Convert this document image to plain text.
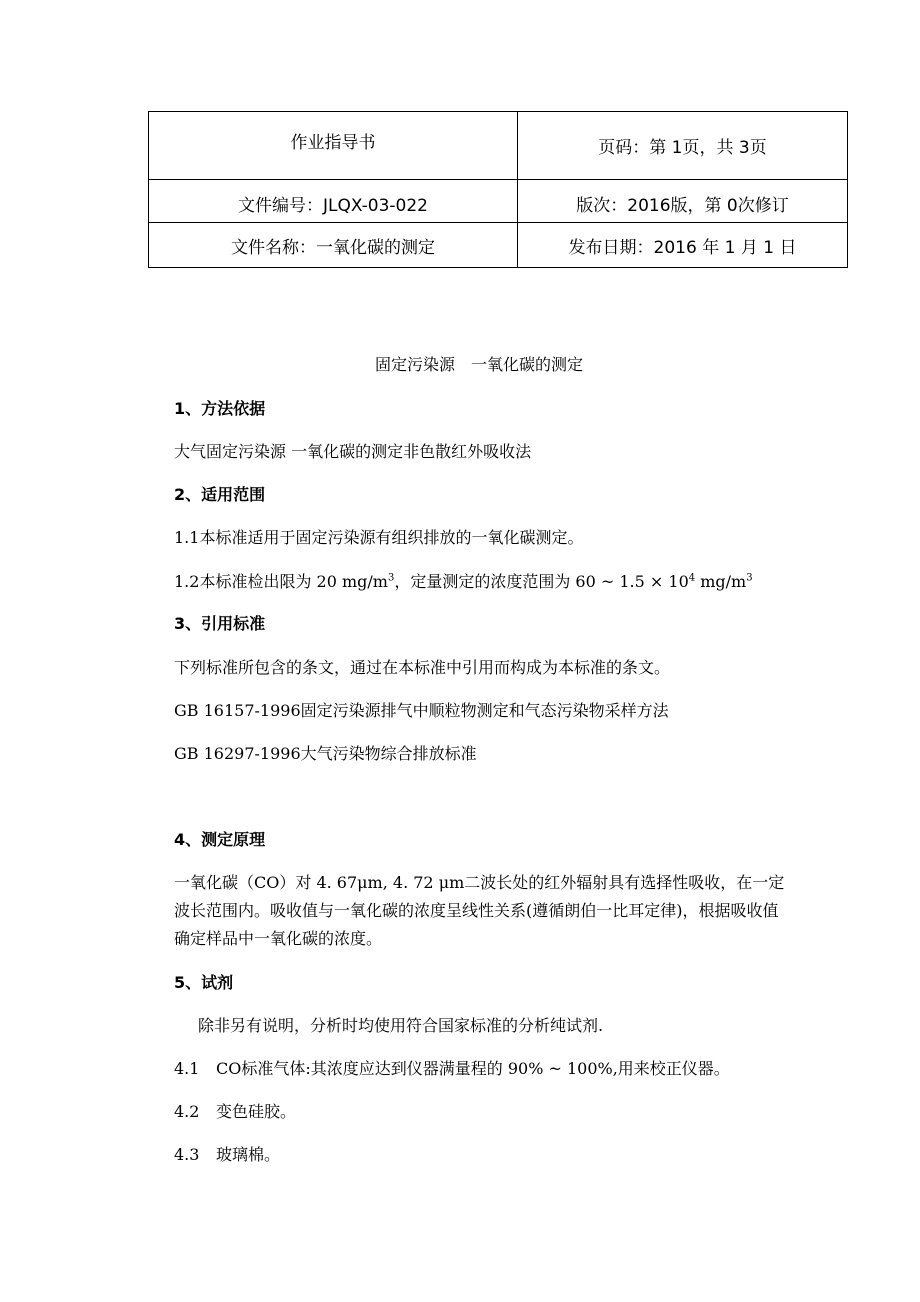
作业指导书	页码：第 1页，共 3页
文件编号：JLQX-03-022	版次：2016版，第 0次修订
文件名称：一氧化碳的测定	发布日期：2016 年 1 月 1 日
固定污染源　一氧化碳的测定
1、方法依据
大气固定污染源 一氧化碳的测定非色散红外吸收法
2、适用范围
1.1本标准适用于固定污染源有组织排放的一氧化碳测定。
1.2本标准检出限为 20 $mg/m^3$，定量测定的浓度范围为 60 ~ $1.5 \times 10^4$ $mg/m^3$
3、引用标准
下列标准所包含的条文，通过在本标准中引用而构成为本标准的条文。
GB 16157-1996固定污染源排气中顺粒物测定和气态污染物采样方法
GB 16297-1996大气污染物综合排放标准
4、测定原理
一氧化碳（CO）对 4. 67μm, 4. 72 μm二波长处的红外辐射具有选择性吸收，在一定波长范围内。吸收值与一氧化碳的浓度呈线性关系(遵循朗伯一比耳定律)，根据吸收值确定样品中一氧化碳的浓度。
5、试剂
除非另有说明，分析时均使用符合国家标准的分析纯试剂.
4.1 CO标准气体:其浓度应达到仪器满量程的 90% ~ 100%,用来校正仪器。
4.2 变色硅胶。
4.3 玻璃棉。
